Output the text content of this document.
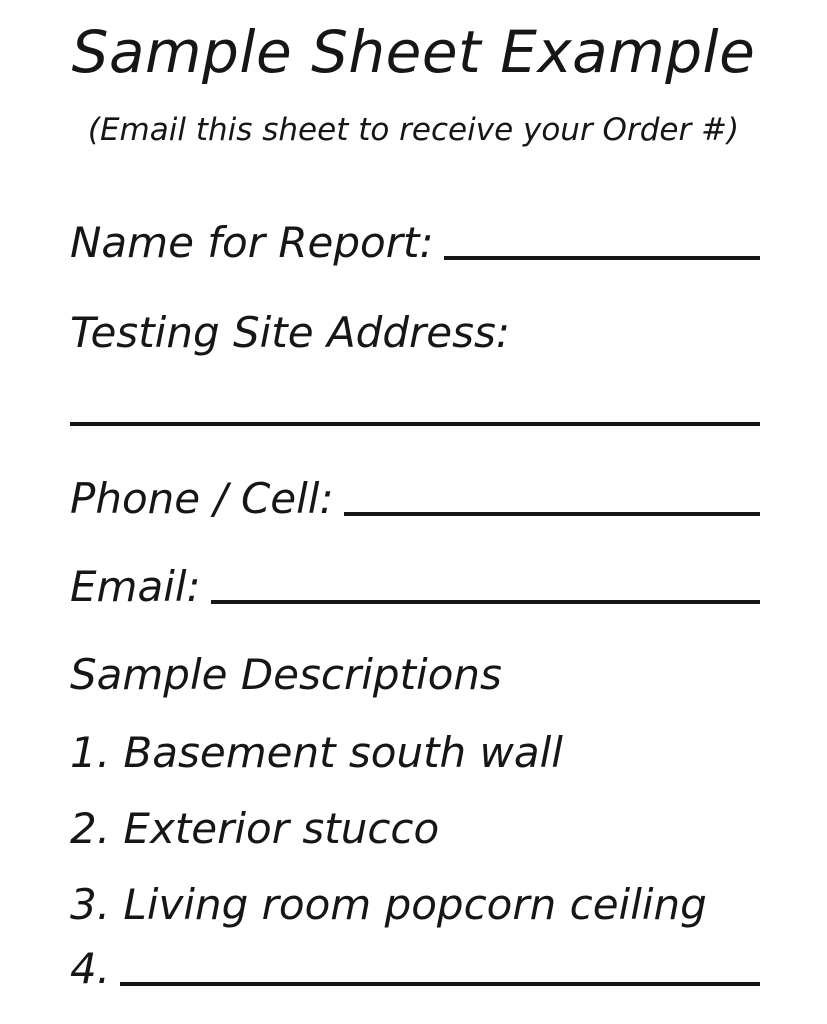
Sample Sheet Example
(Email this sheet to receive your Order #)
Name for Report:
Testing Site Address:
Phone / Cell:
Email:
Sample Descriptions
1. Basement south wall
2. Exterior stucco
3. Living room popcorn ceiling
4.
